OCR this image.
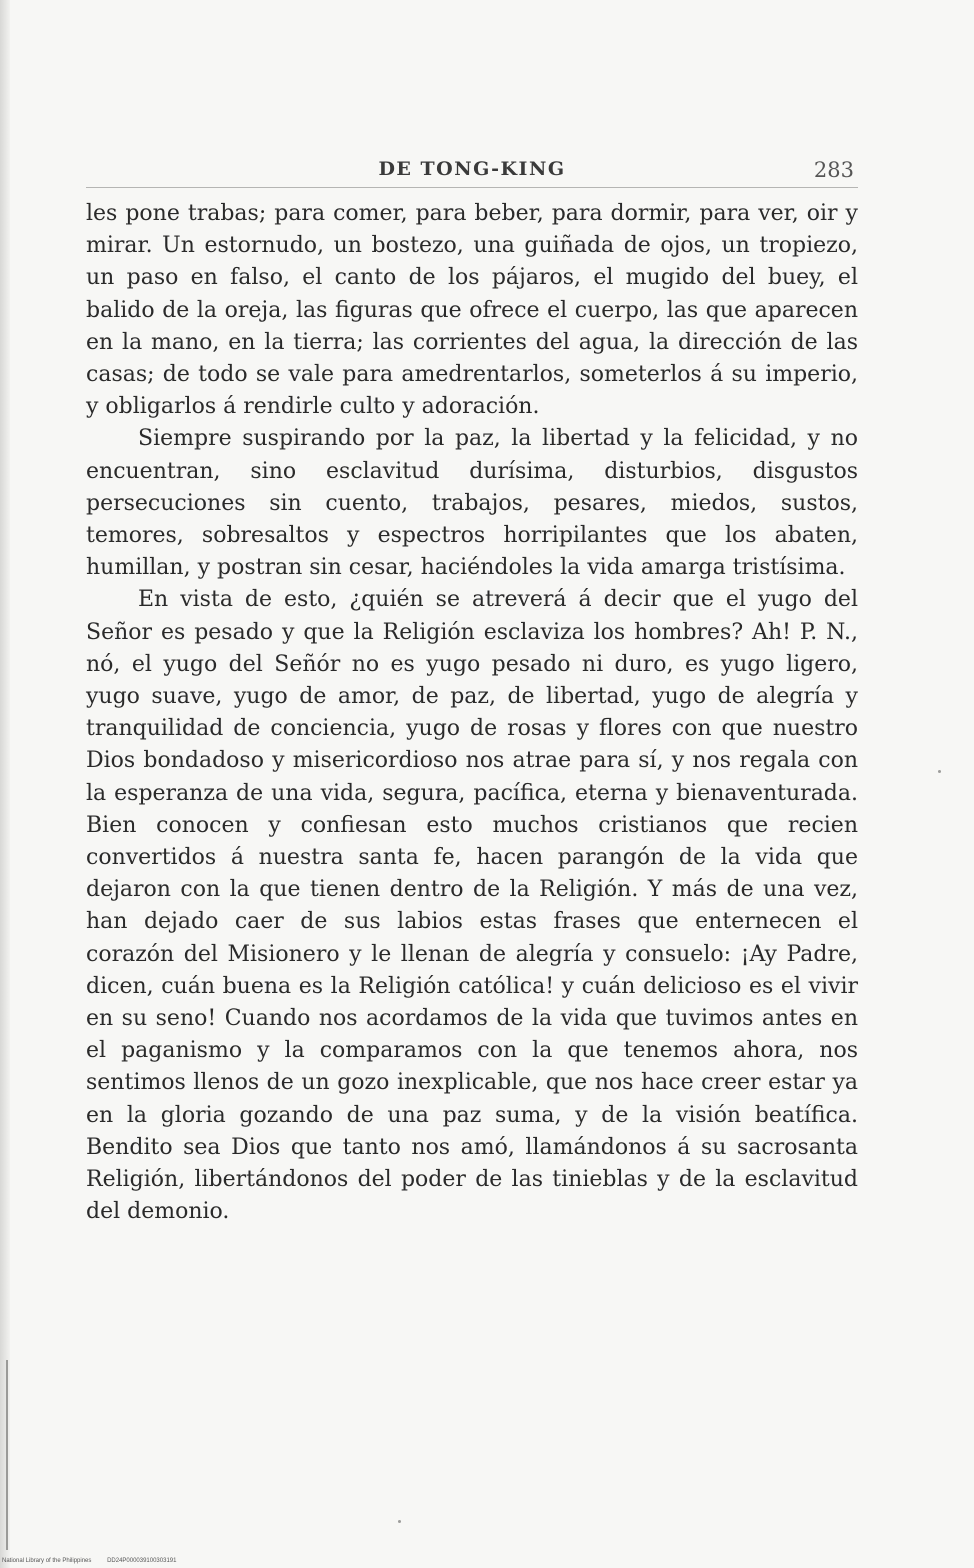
DE TONG-KING	283

les pone trabas; para comer, para beber, para dormir, para ver, oir y mirar. Un estornudo, un bostezo, una guiñada de ojos, un tropiezo, un paso en falso, el canto de los pájaros, el mugido del buey, el balido de la oreja, las figuras que ofrece el cuerpo, las que aparecen en la mano, en la tierra; las corrientes del agua, la dirección de las casas; de todo se vale para amedrentarlos, someterlos á su imperio, y obligarlos á rendirle culto y adoración.

Siempre suspirando por la paz, la libertad y la felicidad, y no encuentran, sino esclavitud durísima, disturbios, disgustos persecuciones sin cuento, trabajos, pesares, miedos, sustos, temores, sobresaltos y espectros horripilantes que los abaten, humillan, y postran sin cesar, haciéndoles la vida amarga tristísima.

En vista de esto, ¿quién se atreverá á decir que el yugo del Señor es pesado y que la Religión esclaviza los hombres? Ah! P. N., nó, el yugo del Señór no es yugo pesado ni duro, es yugo ligero, yugo suave, yugo de amor, de paz, de libertad, yugo de alegría y tranquilidad de conciencia, yugo de rosas y flores con que nuestro Dios bondadoso y misericordioso nos atrae para sí, y nos regala con la esperanza de una vida, segura, pacífica, eterna y bienaventurada. Bien conocen y confiesan esto muchos cristianos que recien convertidos á nuestra santa fe, hacen parangón de la vida que dejaron con la que tienen dentro de la Religión. Y más de una vez, han dejado caer de sus labios estas frases que enternecen el corazón del Misionero y le llenan de alegría y consuelo: ¡Ay Padre, dicen, cuán buena es la Religión católica! y cuán delicioso es el vivir en su seno! Cuando nos acordamos de la vida que tuvimos antes en el paganismo y la comparamos con la que tenemos ahora, nos sentimos llenos de un gozo inexplicable, que nos hace creer estar ya en la gloria gozando de una paz suma, y de la visión beatífica. Bendito sea Dios que tanto nos amó, llamándonos á su sacrosanta Religión, libertándonos del poder de las tinieblas y de la esclavitud del demonio.

National Library of the Philippines	DD24P000039100303191
